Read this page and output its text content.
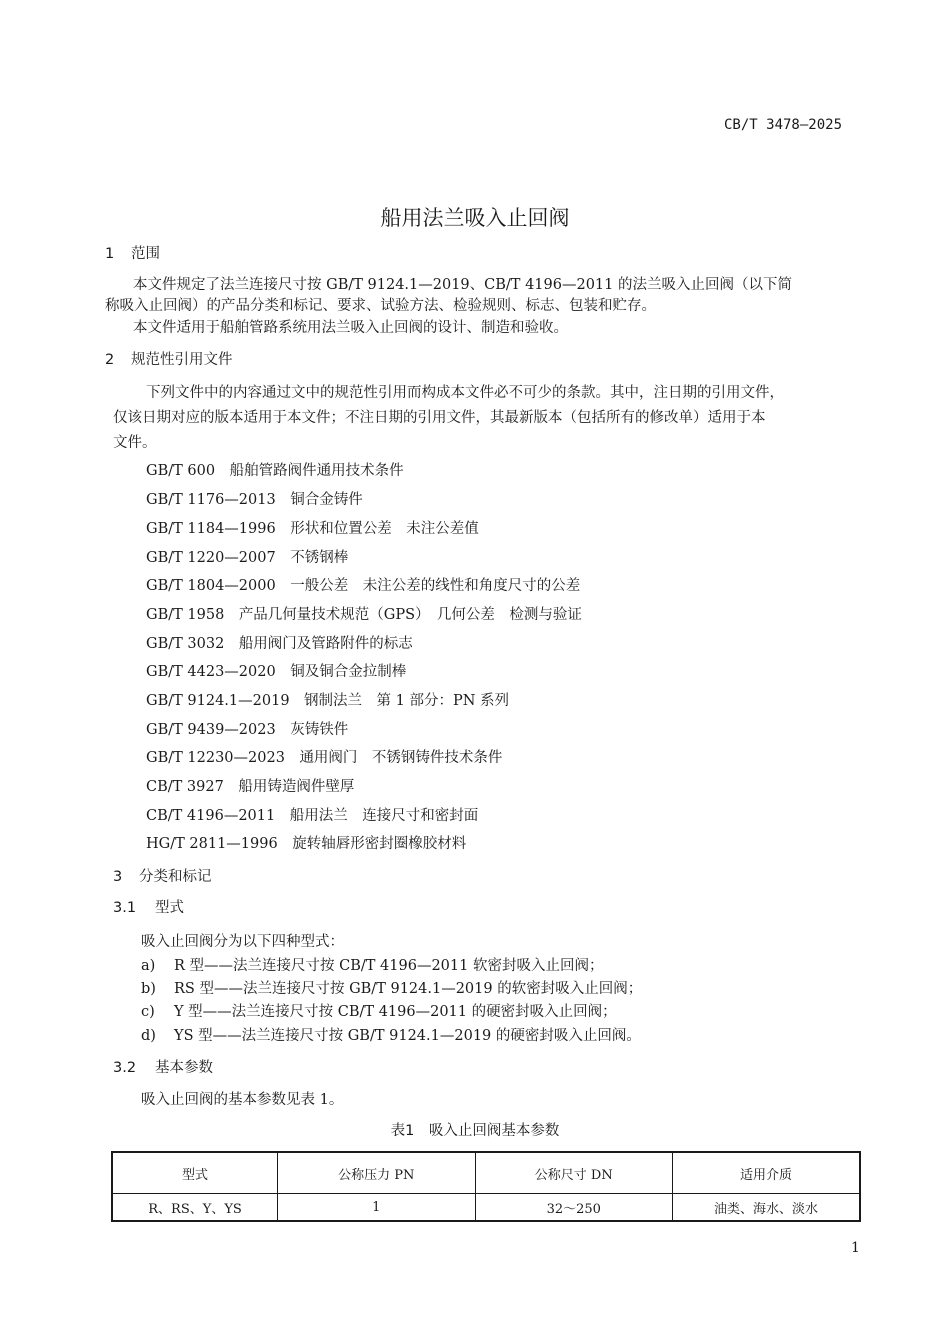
CB/T 3478—2025
船用法兰吸入止回阀
1 范围
本文件规定了法兰连接尺寸按 GB/T 9124.1—2019、CB/T 4196—2011 的法兰吸入止回阀（以下简
称吸入止回阀）的产品分类和标记、要求、试验方法、检验规则、标志、包装和贮存。
本文件适用于船舶管路系统用法兰吸入止回阀的设计、制造和验收。
2 规范性引用文件
下列文件中的内容通过文中的规范性引用而构成本文件必不可少的条款。其中，注日期的引用文件，
仅该日期对应的版本适用于本文件；不注日期的引用文件，其最新版本（包括所有的修改单）适用于本
文件。
GB/T 600　 船舶管路阀件通用技术条件
GB/T 1176—2013　 铜合金铸件
GB/T 1184—1996　 形状和位置公差　未注公差值
GB/T 1220—2007　 不锈钢棒
GB/T 1804—2000　 一般公差　未注公差的线性和角度尺寸的公差
GB/T 1958　 产品几何量技术规范（GPS）　几何公差　检测与验证
GB/T 3032　 船用阀门及管路附件的标志
GB/T 4423—2020　 铜及铜合金拉制棒
GB/T 9124.1—2019　 钢制法兰　第 1 部分：PN 系列
GB/T 9439—2023　 灰铸铁件
GB/T 12230—2023　 通用阀门　不锈钢铸件技术条件
CB/T 3927　 船用铸造阀件壁厚
CB/T 4196—2011　 船用法兰　连接尺寸和密封面
HG/T 2811—1996　 旋转轴唇形密封圈橡胶材料
3 分类和标记
3.1 型式
吸入止回阀分为以下四种型式：
a) R 型——法兰连接尺寸按 CB/T 4196—2011 软密封吸入止回阀；
b) RS 型——法兰连接尺寸按 GB/T 9124.1—2019 的软密封吸入止回阀；
c) Y 型——法兰连接尺寸按 CB/T 4196—2011 的硬密封吸入止回阀；
d) YS 型——法兰连接尺寸按 GB/T 9124.1—2019 的硬密封吸入止回阀。
3.2 基本参数
吸入止回阀的基本参数见表 1。
表1　吸入止回阀基本参数
型式	公称压力 PN	公称尺寸 DN	适用介质
R、RS、Y、YS	1	32～250	油类、海水、淡水
1
